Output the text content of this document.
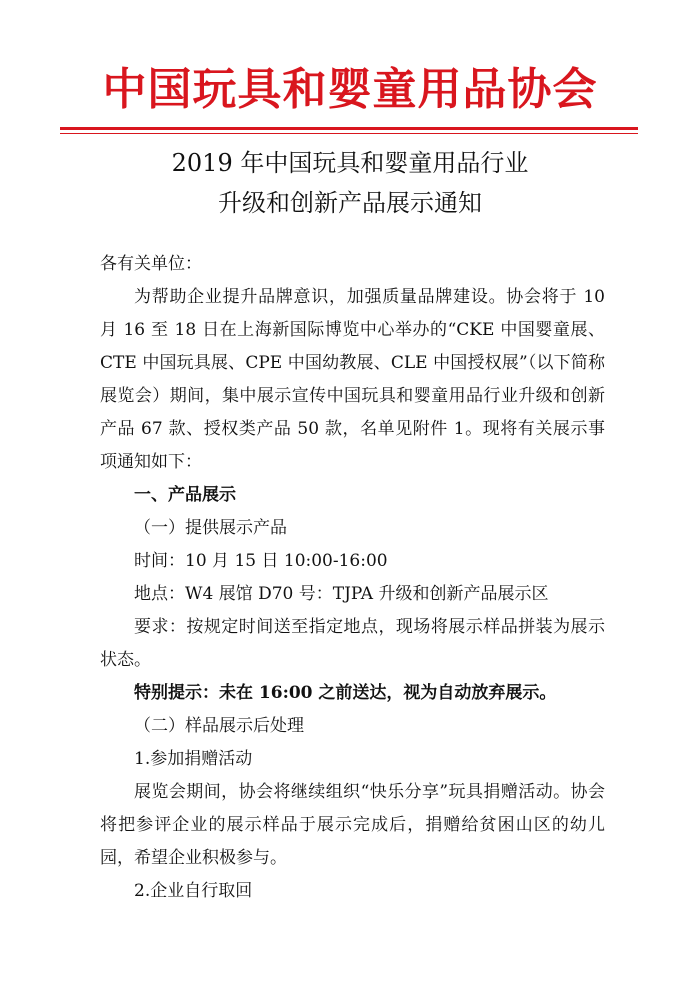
中国玩具和婴童用品协会
2019 年中国玩具和婴童用品行业
升级和创新产品展示通知

各有关单位：

为帮助企业提升品牌意识，加强质量品牌建设。协会将于 10 月 16 至 18 日在上海新国际博览中心举办的“CKE 中国婴童展、CTE 中国玩具展、CPE 中国幼教展、CLE 中国授权展”（以下简称展览会）期间，集中展示宣传中国玩具和婴童用品行业升级和创新产品 67 款、授权类产品 50 款，名单见附件 1。现将有关展示事项通知如下：

一、产品展示

（一）提供展示产品

时间：10 月 15 日 10:00-16:00

地点：W4 展馆 D70 号：TJPA 升级和创新产品展示区

要求：按规定时间送至指定地点，现场将展示样品拼装为展示状态。

特别提示：未在 16:00 之前送达，视为自动放弃展示。

（二）样品展示后处理

1.参加捐赠活动

展览会期间，协会将继续组织“快乐分享”玩具捐赠活动。协会将把参评企业的展示样品于展示完成后，捐赠给贫困山区的幼儿园，希望企业积极参与。

2.企业自行取回
